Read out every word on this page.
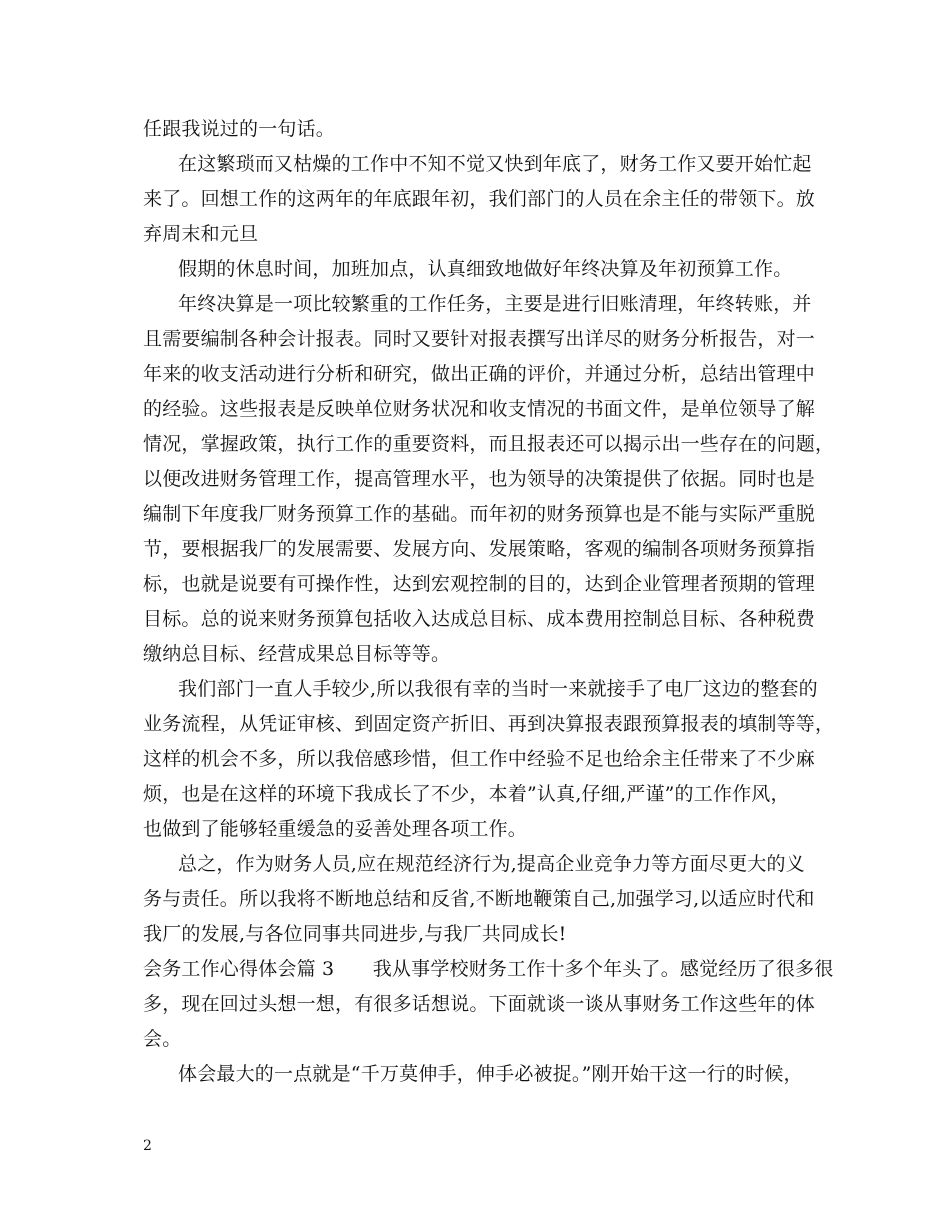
任跟我说过的一句话。
在这繁琐而又枯燥的工作中不知不觉又快到年底了，财务工作又要开始忙起
来了。回想工作的这两年的年底跟年初，我们部门的人员在余主任的带领下。放
弃周末和元旦
假期的休息时间，加班加点，认真细致地做好年终决算及年初预算工作。
年终决算是一项比较繁重的工作任务，主要是进行旧账清理，年终转账，并
且需要编制各种会计报表。同时又要针对报表撰写出详尽的财务分析报告，对一
年来的收支活动进行分析和研究，做出正确的评价，并通过分析，总结出管理中
的经验。这些报表是反映单位财务状况和收支情况的书面文件，是单位领导了解
情况，掌握政策，执行工作的重要资料，而且报表还可以揭示出一些存在的问题，
以便改进财务管理工作，提高管理水平，也为领导的决策提供了依据。同时也是
编制下年度我厂财务预算工作的基础。而年初的财务预算也是不能与实际严重脱
节，要根据我厂的发展需要、发展方向、发展策略，客观的编制各项财务预算指
标，也就是说要有可操作性，达到宏观控制的目的，达到企业管理者预期的管理
目标。总的说来财务预算包括收入达成总目标、成本费用控制总目标、各种税费
缴纳总目标、经营成果总目标等等。
我们部门一直人手较少,所以我很有幸的当时一来就接手了电厂这边的整套的
业务流程，从凭证审核、到固定资产折旧、再到决算报表跟预算报表的填制等等，
这样的机会不多，所以我倍感珍惜，但工作中经验不足也给余主任带来了不少麻
烦，也是在这样的环境下我成长了不少，本着”认真,仔细,严谨”的工作作风，
也做到了能够轻重缓急的妥善处理各项工作。
总之，作为财务人员,应在规范经济行为,提高企业竞争力等方面尽更大的义
务与责任。所以我将不断地总结和反省,不断地鞭策自己,加强学习,以适应时代和
我厂的发展,与各位同事共同进步,与我厂共同成长!
会务工作心得体会篇 3　　我从事学校财务工作十多个年头了。感觉经历了很多很
多，现在回过头想一想，有很多话想说。下面就谈一谈从事财务工作这些年的体
会。
体会最大的一点就是“千万莫伸手，伸手必被捉。”刚开始干这一行的时候，
2
